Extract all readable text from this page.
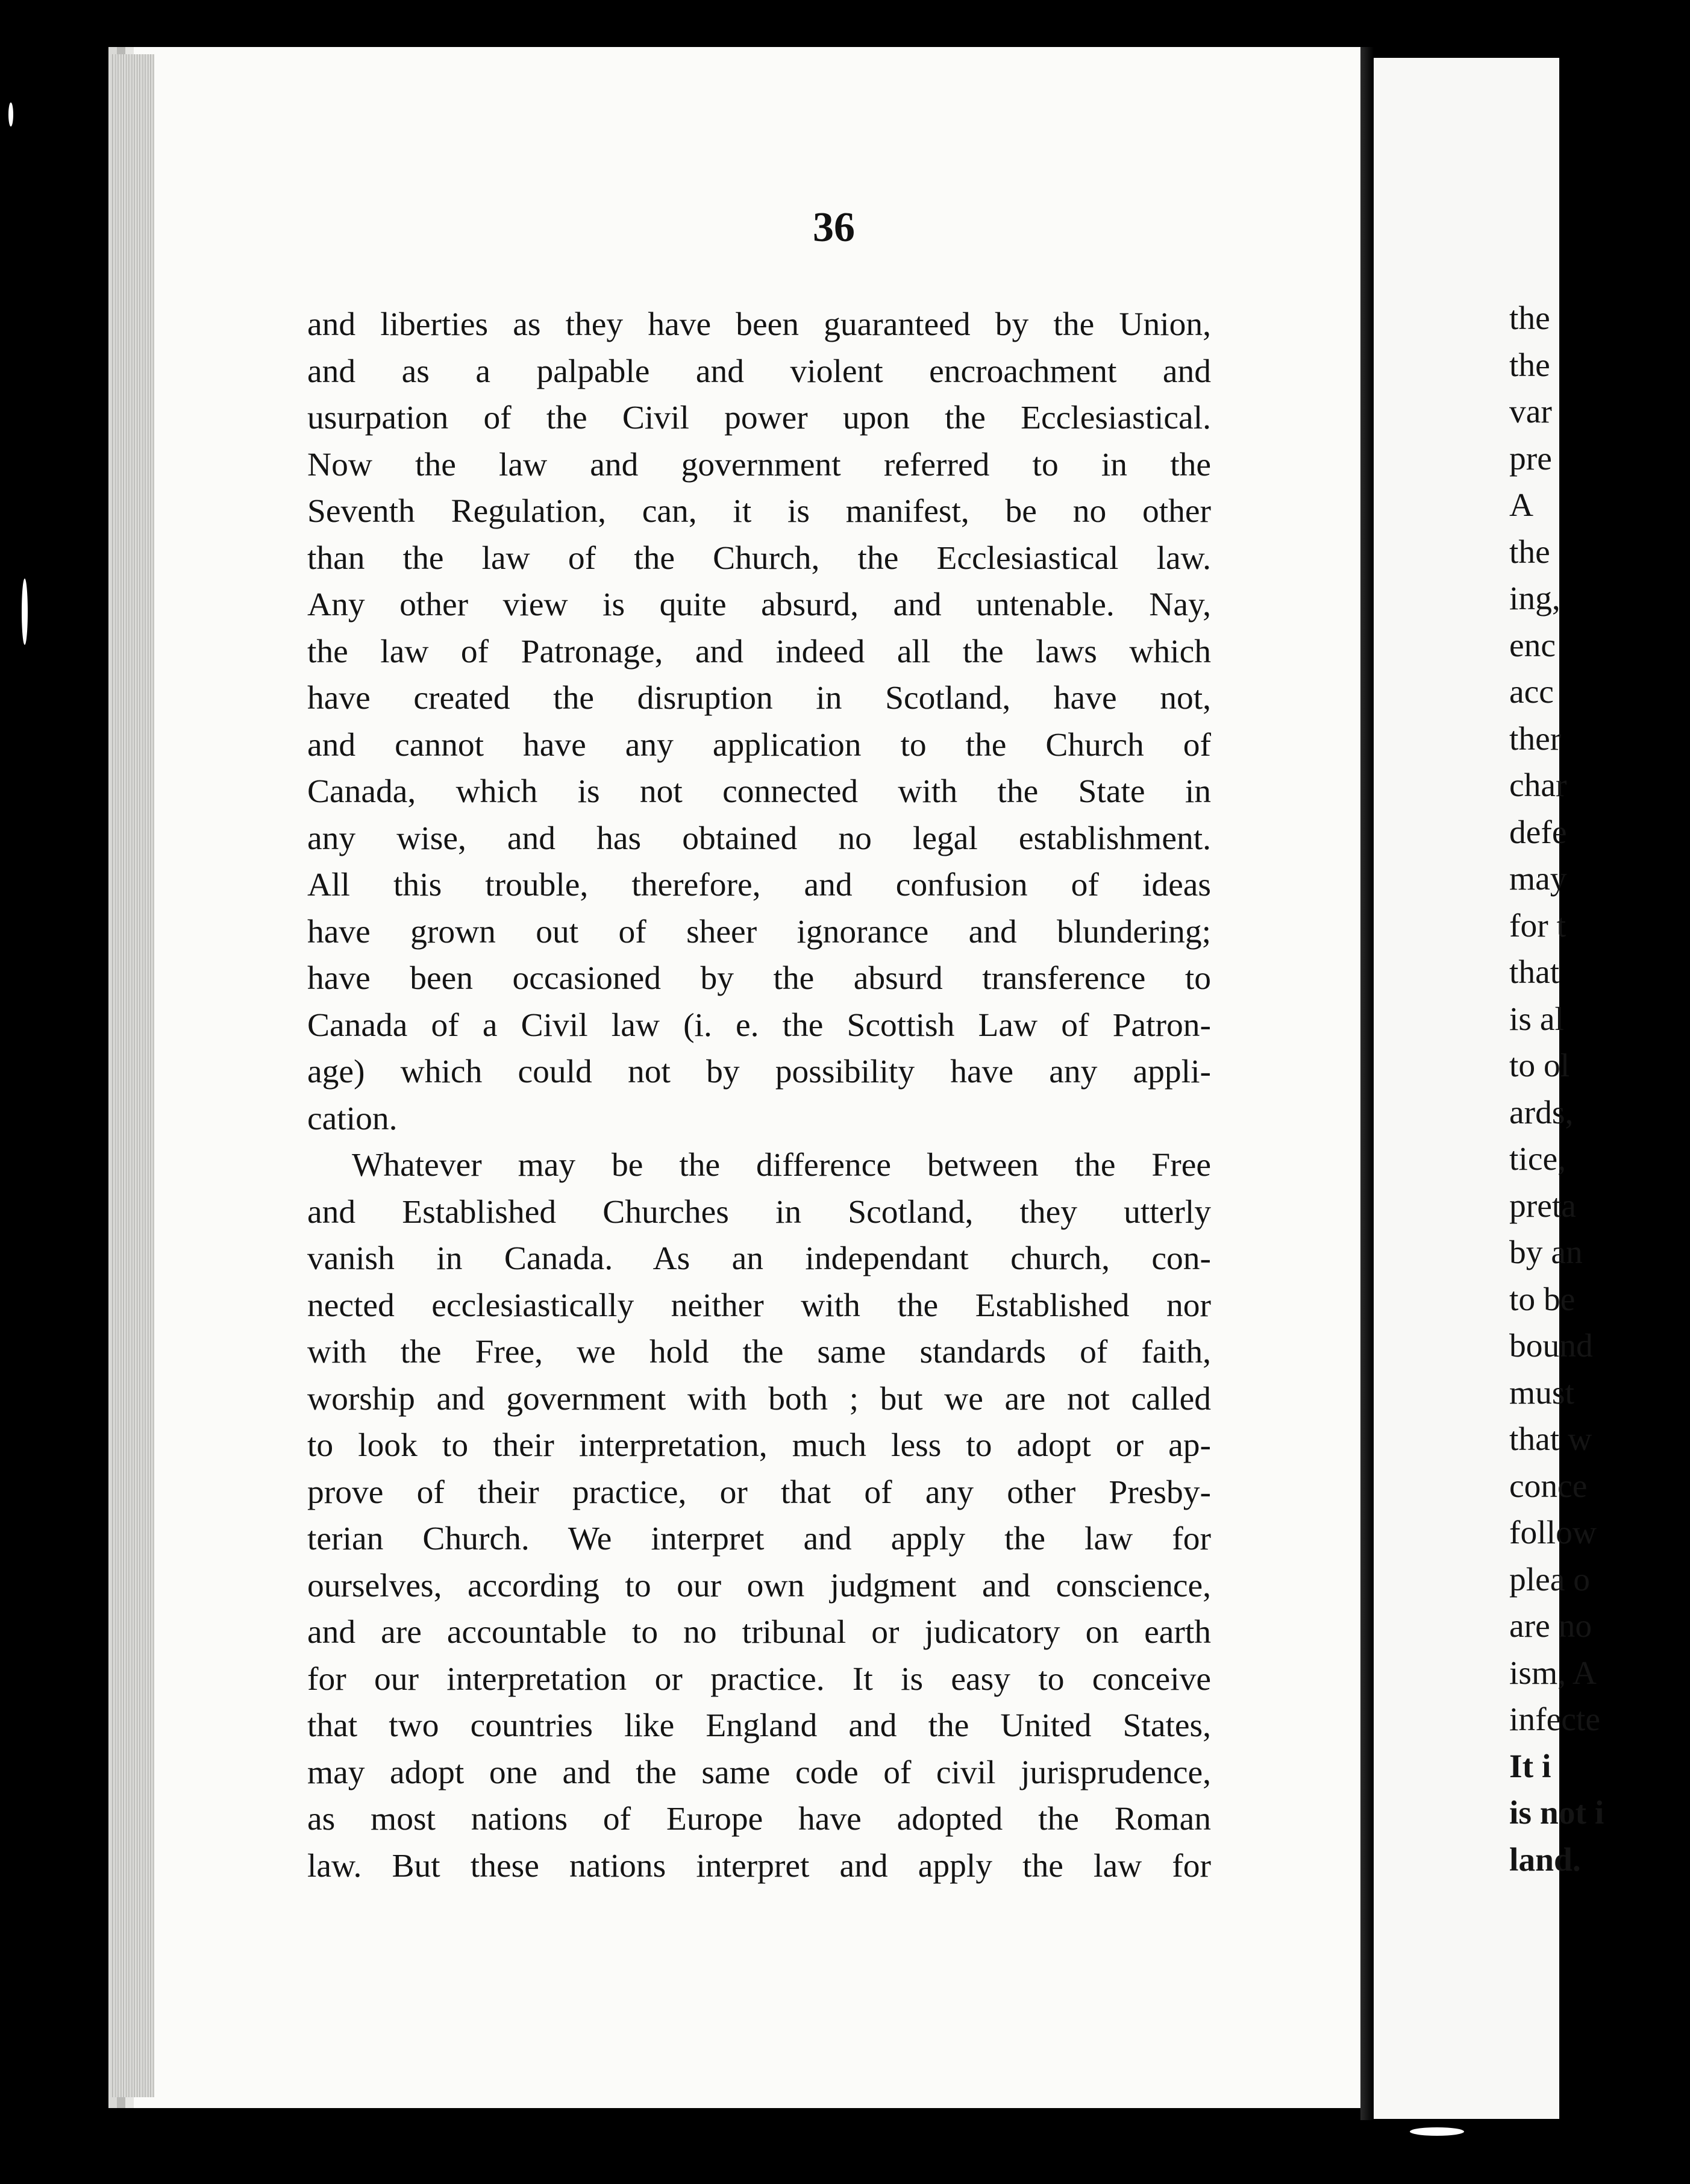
36
and liberties as they have been guaranteed by the Union,
and as a palpable and violent encroachment and
usurpation of the Civil power upon the Ecclesiastical.
Now the law and government referred to in the
Seventh Regulation, can, it is manifest, be no other
than the law of the Church, the Ecclesiastical law.
Any other view is quite absurd, and untenable. Nay,
the law of Patronage, and indeed all the laws which
have created the disruption in Scotland, have not,
and cannot have any application to the Church of
Canada, which is not connected with the State in
any wise, and has obtained no legal establishment.
All this trouble, therefore, and confusion of ideas
have grown out of sheer ignorance and blundering;
have been occasioned by the absurd transference to
Canada of a Civil law (i. e. the Scottish Law of Patron-
age) which could not by possibility have any appli-
cation.
Whatever may be the difference between the Free
and Established Churches in Scotland, they utterly
vanish in Canada. As an independant church, con-
nected ecclesiastically neither with the Established nor
with the Free, we hold the same standards of faith,
worship and government with both ; but we are not called
to look to their interpretation, much less to adopt or ap-
prove of their practice, or that of any other Presby-
terian Church. We interpret and apply the law for
ourselves, according to our own judgment and conscience,
and are accountable to no tribunal or judicatory on earth
for our interpretation or practice. It is easy to conceive
that two countries like England and the United States,
may adopt one and the same code of civil jurisprudence,
as most nations of Europe have adopted the Roman
law. But these nations interpret and apply the law for
the
the
var
pre
A
the
ing,
enc
acc
ther
char
defe
may
for t
that
is al
to ol
ards,
tice,
preta
by an
to be
bound
must
that w
conce
follow
plea o
are no
ism, A
infecte
It i
is not i
land.
